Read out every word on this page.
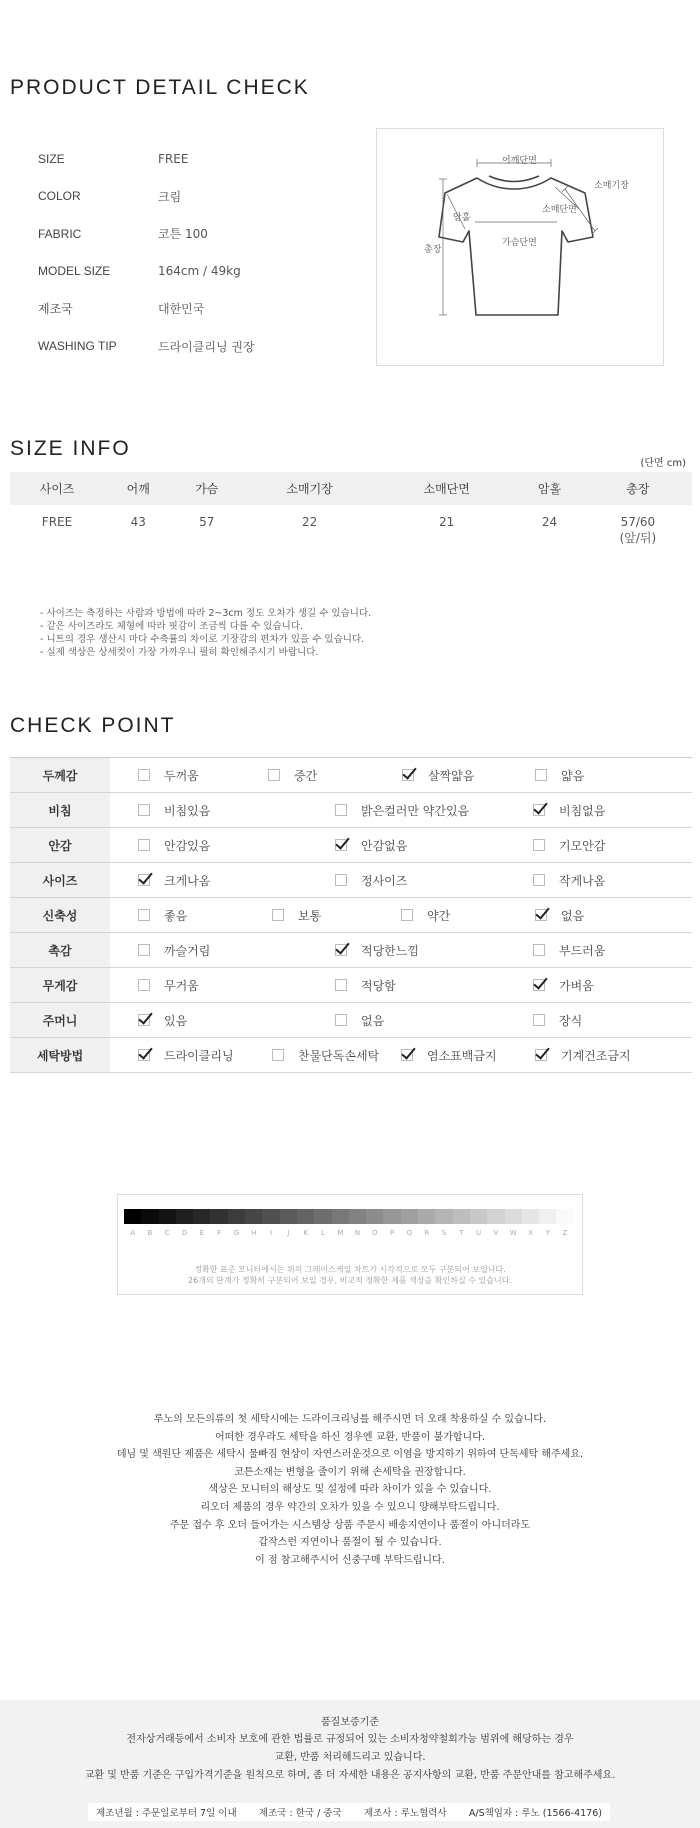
PRODUCT DETAIL CHECK
SIZE	FREE
COLOR	크림
FABRIC	코튼 100
MODEL SIZE	164cm / 49kg
제조국	대한민국
WASHING TIP	드라이클리닝 권장
어깨단면
소매기장
암홀
소매단면
가슴단면
총장
SIZE INFO
(단면 cm)
사이즈	어깨	가슴	소매기장	소매단면	암홀	총장
FREE	43	57	22	21	24	57/60
(앞/뒤)
- 사이즈는 측정하는 사람과 방법에 따라 2~3cm 정도 오차가 생길 수 있습니다.
- 같은 사이즈라도 체형에 따라 핏감이 조금씩 다를 수 있습니다.
- 니트의 경우 생산시 마다 수축률의 차이로 기장감의 편차가 있을 수 있습니다.
- 실제 색상은 상세컷이 가장 가까우니 필히 확인해주시기 바랍니다.
CHECK POINT
두께감	두꺼움	중간	살짝얇음	얇음
비침	비침있음	밝은컬러만 약간있음	비침없음
안감	안감있음	안감없음	기모안감
사이즈	크게나옴	정사이즈	작게나옴
신축성	좋음	보통	약간	없음
촉감	까슬거림	적당한느낌	부드러움
무게감	무거움	적당함	가벼움
주머니	있음	없음	장식
세탁방법	드라이클리닝	찬물단독손세탁	염소표백금지	기계건조금지
A	B	C	D	E	F	G	H	I	J	K	L	M	N	O	P	Q	R	S	T	U	V	W	X	Y	Z
정확한 표준 모니터에서는 위의 그레이스케일 차트가 시각적으로 모두 구분되어 보입니다.
26개의 단계가 정확히 구분되어 보일 경우, 비교적 정확한 제품 색상을 확인하실 수 있습니다.
루노의 모든의류의 첫 세탁시에는 드라이크리닝를 해주시면 더 오래 착용하실 수 있습니다.
어떠한 경우라도 세탁을 하신 경우엔 교환, 반품이 불가합니다.
데님 및 색원단 제품은 세탁시 물빠짐 현상이 자연스러운것으로 이염을 방지하기 위하여 단독세탁 해주세요.
코튼소재는 변형을 줄이기 위해 손세탁을 권장합니다.
색상은 모니터의 해상도 및 설정에 따라 차이가 있을 수 있습니다.
리오더 제품의 경우 약간의 오차가 있을 수 있으니 양해부탁드립니다.
주문 접수 후 오더 들어가는 시스템상 상품 주문시 배송지연이나 품절이 아니더라도
갑작스런 지연이나 품절이 될 수 있습니다.
이 점 참고해주시어 신중구매 부탁드립니다.
품질보증기준
전자상거래등에서 소비자 보호에 관한 법률로 규정되어 있는 소비자청약철회가능 범위에 해당하는 경우
교환, 반품 처리해드리고 있습니다.
교환 및 반품 기준은 구입가격기준을 원칙으로 하며, 좀 더 자세한 내용은 공지사항의 교환, 반품 주문안내를 참고해주세요.
제조년월 : 주문일로부터 7일 이내 제조국 : 한국 / 중국 제조사 : 루노협력사 A/S책임자 : 루노 (1566-4176)
